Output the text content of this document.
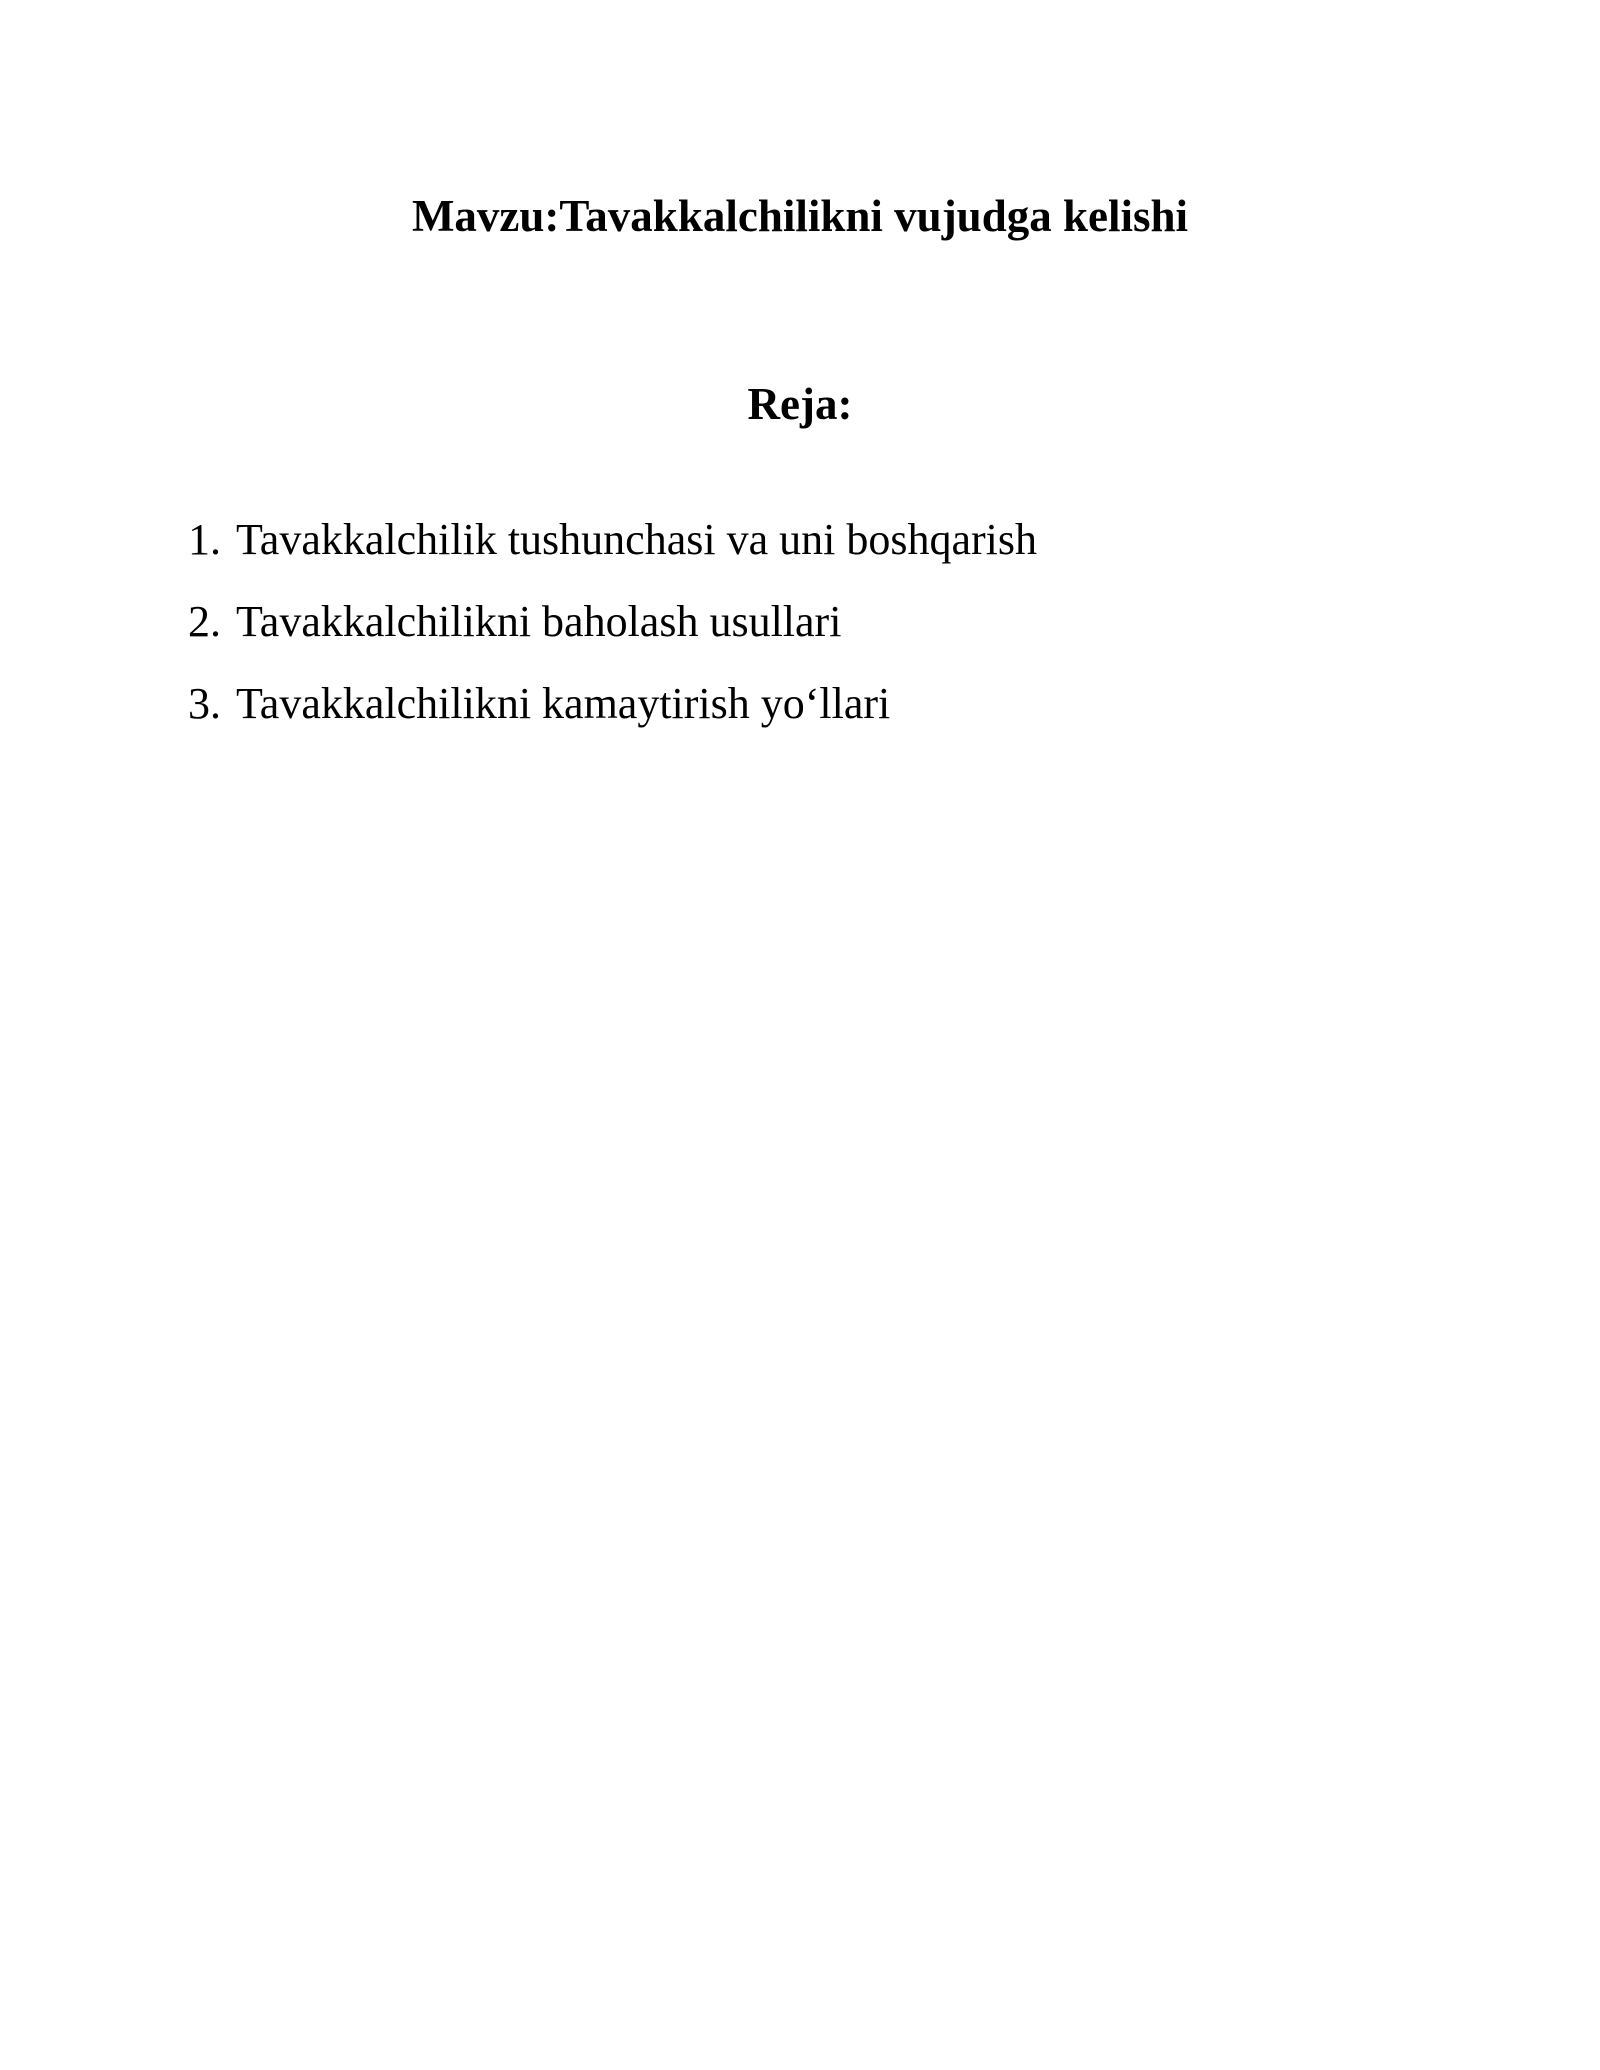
Mavzu:Tavakkalchilikni vujudga kelishi
Reja:
1. Tavakkalchilik tushunchasi va uni boshqarish
2. Tavakkalchilikni baholash usullari
3. Tavakkalchilikni kamaytirish yo‘llari
